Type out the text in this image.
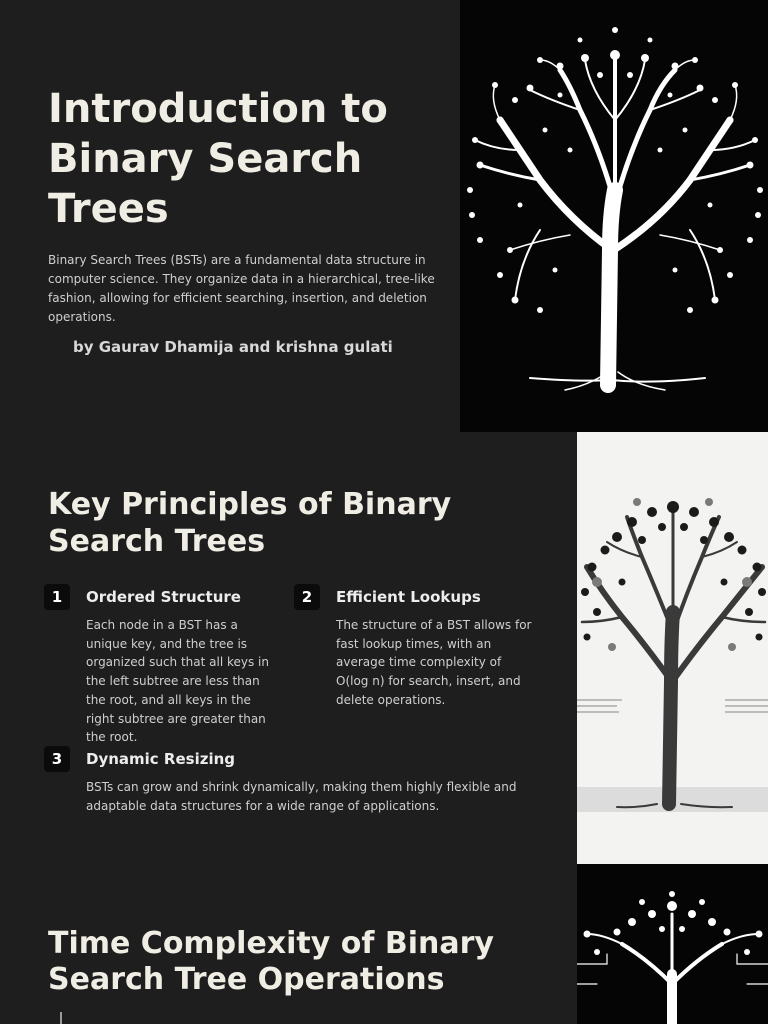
Introduction to Binary Search Trees

Binary Search Trees (BSTs) are a fundamental data structure in computer science. They organize data in a hierarchical, tree-like fashion, allowing for efficient searching, insertion, and deletion operations.

by Gaurav Dhamija and krishna gulati

Key Principles of Binary Search Trees
1	Ordered Structure

Each node in a BST has a unique key, and the tree is organized such that all keys in the left subtree are less than the root, and all keys in the right subtree are greater than the root.

2	Efficient Lookups

The structure of a BST allows for fast lookup times, with an average time complexity of O(log n) for search, insert, and delete operations.

3	Dynamic Resizing

BSTs can grow and shrink dynamically, making them highly flexible and adaptable data structures for a wide range of applications.

Time Complexity of Binary Search Tree Operations
